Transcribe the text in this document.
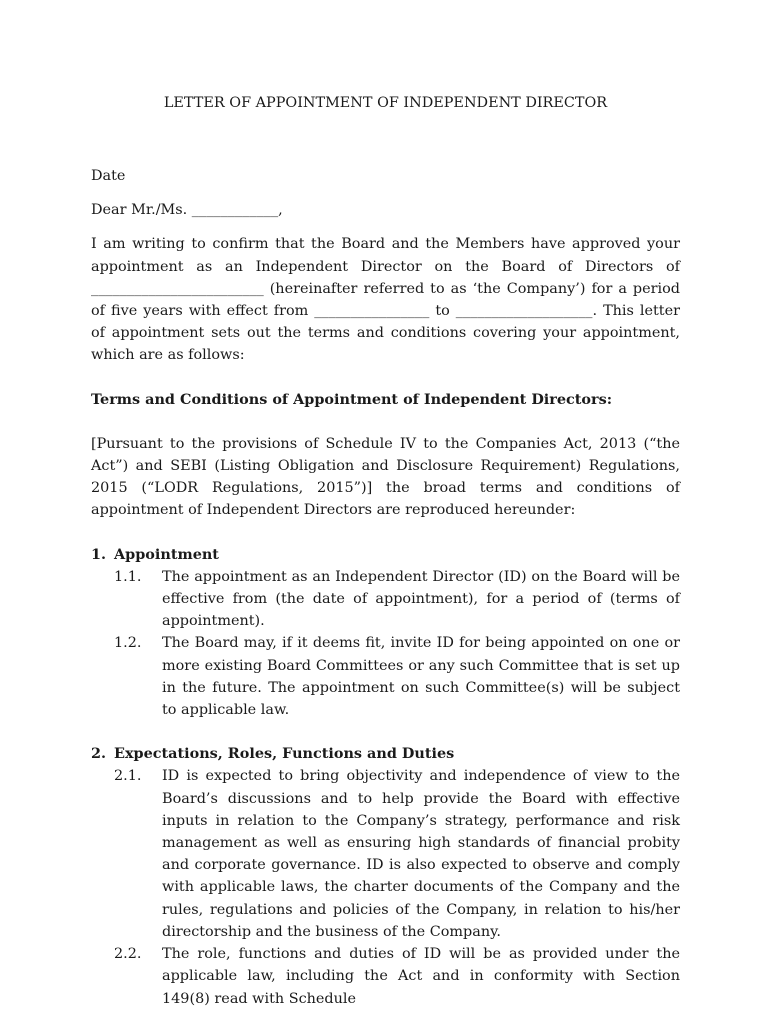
LETTER OF APPOINTMENT OF INDEPENDENT DIRECTOR

Date

Dear Mr./Ms. ____________,

I am writing to confirm that the Board and the Members have approved your appointment as an Independent Director on the Board of Directors of ________________________ (hereinafter referred to as ‘the Company’) for a period of five years with effect from ________________ to ___________________. This letter of appointment sets out the terms and conditions covering your appointment, which are as follows:

Terms and Conditions of Appointment of Independent Directors:

[Pursuant to the provisions of Schedule IV to the Companies Act, 2013 (“the Act”) and SEBI (Listing Obligation and Disclosure Requirement) Regulations, 2015 (“LODR Regulations, 2015”)] the broad terms and conditions of appointment of Independent Directors are reproduced hereunder:

1. Appointment
1.1.	The appointment as an Independent Director (ID) on the Board will be effective from (the date of appointment), for a period of (terms of appointment).
1.2.	The Board may, if it deems fit, invite ID for being appointed on one or more existing Board Committees or any such Committee that is set up in the future. The appointment on such Committee(s) will be subject to applicable law.
2. Expectations, Roles, Functions and Duties
2.1.	ID is expected to bring objectivity and independence of view to the Board’s discussions and to help provide the Board with effective inputs in relation to the Company’s strategy, performance and risk management as well as ensuring high standards of financial probity and corporate governance. ID is also expected to observe and comply with applicable laws, the charter documents of the Company and the rules, regulations and policies of the Company, in relation to his/her directorship and the business of the Company.
2.2.	The role, functions and duties of ID will be as provided under the applicable law, including the Act and in conformity with Section 149(8) read with Schedule
